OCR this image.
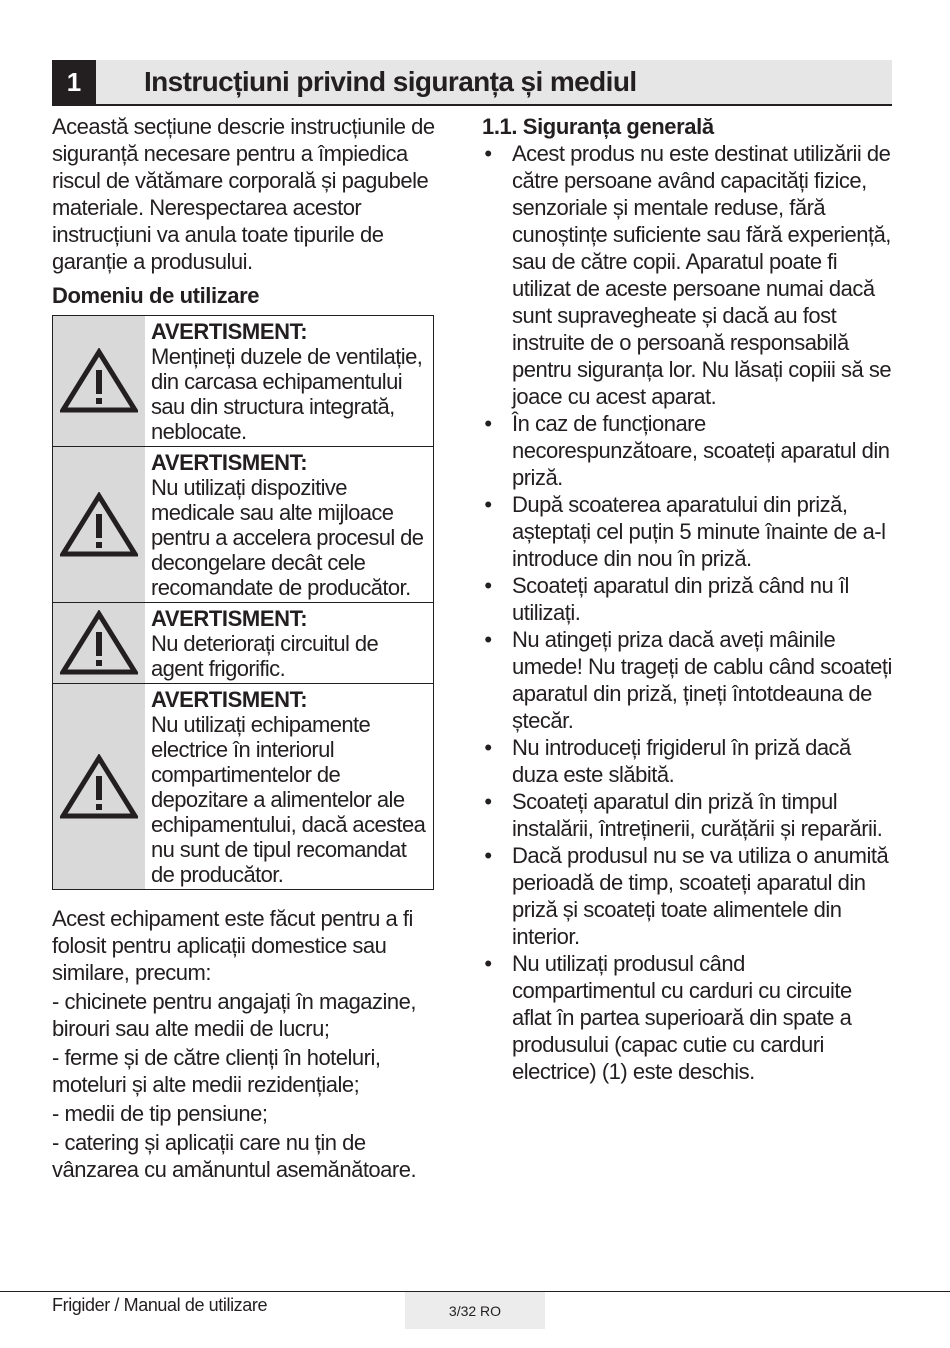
1	Instrucțiuni privind siguranța și mediul

Această secțiune descrie instrucțiunile de siguranță necesare pentru a împiedica riscul de vătămare corporală și pagubele materiale. Nerespectarea acestor instrucțiuni va anula toate tipurile de garanție a produsului.

Domeniu de utilizare
AVERTISMENT:
Mențineți duzele de ventilație, din carcasa echipamentului sau din structura integrată, neblocate.
AVERTISMENT:
Nu utilizați dispozitive medicale sau alte mijloace pentru a accelera procesul de decongelare decât cele recomandate de producător.
AVERTISMENT:
Nu deteriorați circuitul de agent frigorific.
AVERTISMENT:
Nu utilizați echipamente electrice în interiorul compartimentelor de depozitare a alimentelor ale echipamentului, dacă acestea nu sunt de tipul recomandat de producător.

Acest echipament este făcut pentru a fi folosit pentru aplicații domestice sau similare, precum:

- chicinete pentru angajați în magazine, birouri sau alte medii de lucru;

- ferme și de către clienți în hoteluri, moteluri și alte medii rezidențiale;

- medii de tip pensiune;

- catering și aplicații care nu țin de vânzarea cu amănuntul asemănătoare.

1.1. Siguranța generală

• Acest produs nu este destinat utilizării de către persoane având capacități fizice, senzoriale și mentale reduse, fără cunoștințe suficiente sau fără experiență, sau de către copii. Aparatul poate fi utilizat de aceste persoane numai dacă sunt supravegheate și dacă au fost instruite de o persoană responsabilă pentru siguranța lor. Nu lăsați copiii să se joace cu acest aparat.
• În caz de funcționare necorespunzătoare, scoateți aparatul din priză.
• După scoaterea aparatului din priză, așteptați cel puțin 5 minute înainte de a-l introduce din nou în priză.
• Scoateți aparatul din priză când nu îl utilizați.
• Nu atingeți priza dacă aveți mâinile umede! Nu trageți de cablu când scoateți aparatul din priză, țineți întotdeauna de ștecăr.
• Nu introduceți frigiderul în priză dacă duza este slăbită.
• Scoateți aparatul din priză în timpul instalării, întreținerii, curățării și reparării.
• Dacă produsul nu se va utiliza o anumită perioadă de timp, scoateți aparatul din priză și scoateți toate alimentele din interior.
• Nu utilizați produsul când compartimentul cu carduri cu circuite aflat în partea superioară din spate a produsului (capac cutie cu carduri electrice) (1) este deschis.
Frigider / Manual de utilizare	3/32 RO
